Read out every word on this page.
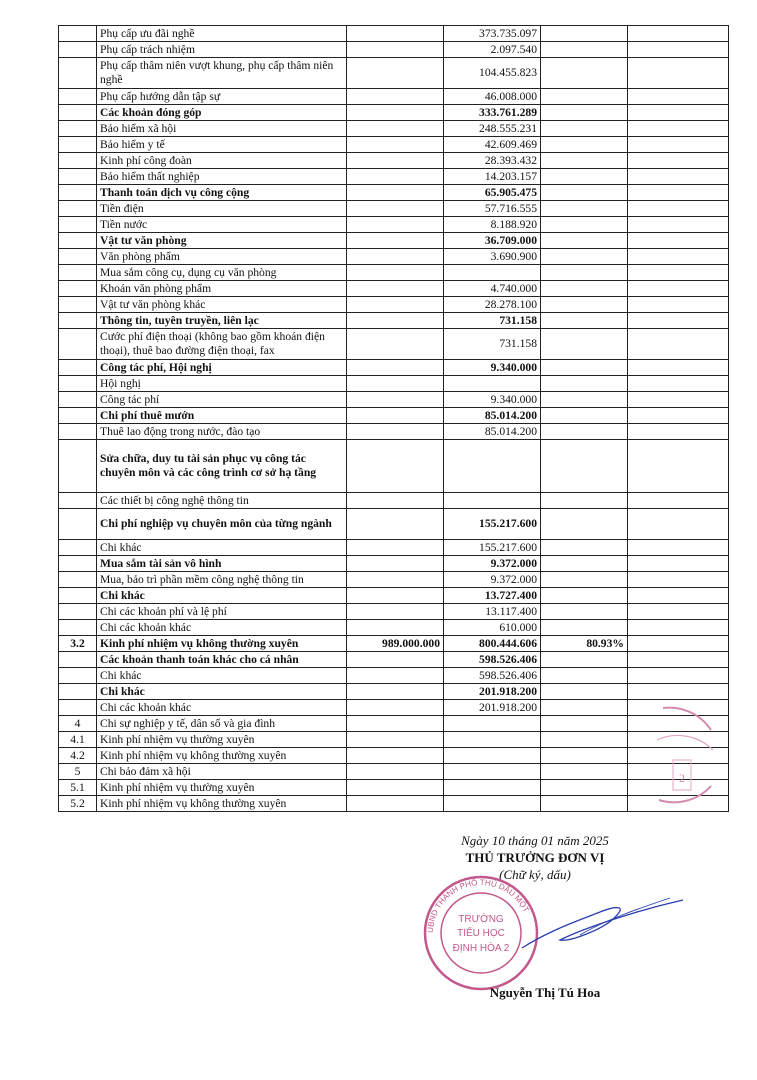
	Phụ cấp ưu đãi nghề		373.735.097		
	Phụ cấp trách nhiệm		2.097.540		
	Phụ cấp thâm niên vượt khung, phụ cấp thâm niên nghề		104.455.823		
	Phụ cấp hướng dẫn tập sự		46.008.000		
	Các khoản đóng góp		333.761.289		
	Bảo hiểm xã hội		248.555.231		
	Bảo hiểm y tế		42.609.469		
	Kinh phí công đoàn		28.393.432		
	Bảo hiểm thất nghiệp		14.203.157		
	Thanh toán dịch vụ công cộng		65.905.475		
	Tiền điện		57.716.555		
	Tiền nước		8.188.920		
	Vật tư văn phòng		36.709.000		
	Văn phòng phẩm		3.690.900		
	Mua sắm công cụ, dụng cụ văn phòng				
	Khoán văn phòng phẩm		4.740.000		
	Vật tư văn phòng khác		28.278.100		
	Thông tin, tuyên truyền, liên lạc		731.158		
	Cước phí điện thoại (không bao gồm khoán điện thoại), thuê bao đường điện thoại, fax		731.158		
	Công tác phí, Hội nghị		9.340.000		
	Hội nghị				
	Công tác phí		9.340.000		
	Chi phí thuê mướn		85.014.200		
	Thuê lao động trong nước, đào tạo		85.014.200		
	Sửa chữa, duy tu tài sản phục vụ công tác chuyên môn và các công trình cơ sở hạ tầng				
	Các thiết bị công nghệ thông tin				
	Chi phí nghiệp vụ chuyên môn của từng ngành		155.217.600		
	Chi khác		155.217.600		
	Mua sắm tài sản vô hình		9.372.000		
	Mua, bảo trì phần mềm công nghệ thông tin		9.372.000		
	Chi khác		13.727.400		
	Chi các khoản phí và lệ phí		13.117.400		
	Chi các khoản khác		610.000		
3.2	Kinh phí nhiệm vụ không thường xuyên	989.000.000	800.444.606	80.93%	
	Các khoản thanh toán khác cho cá nhân		598.526.406		
	Chi khác		598.526.406		
	Chi khác		201.918.200		
	Chi các khoản khác		201.918.200		
4	Chi sự nghiệp y tế, dân số và gia đình				
4.1	Kinh phí nhiệm vụ thường xuyên				
4.2	Kinh phí nhiệm vụ không thường xuyên				
5	Chi bảo đảm xã hội				
5.1	Kinh phí nhiệm vụ thường xuyên				
5.2	Kinh phí nhiệm vụ không thường xuyên				
2
Ngày 10 tháng 01 năm 2025
THỦ TRƯỞNG ĐƠN VỊ
(Chữ ký, dấu)
UBND THÀNH PHỐ THỦ DẦU MỘT
TRƯỜNG
TIỂU HỌC
ĐỊNH HÒA 2
Nguyễn Thị Tú Hoa
